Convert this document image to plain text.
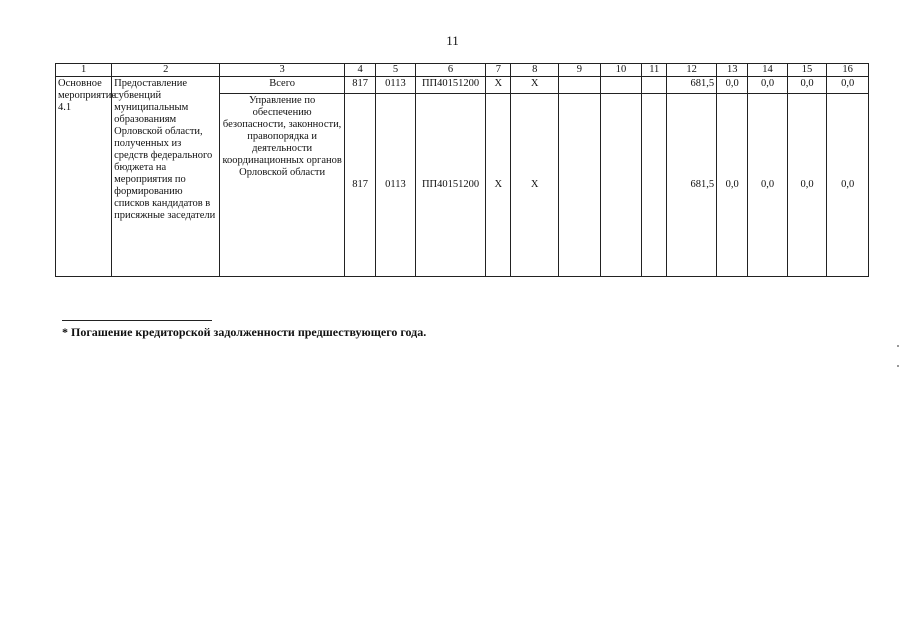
11
1	2	3	4	5	6	7	8	9	10	11	12	13	14	15	16
Основное мероприятие 4.1	Предоставление субвенций муниципальным образованиям Орловской области, полученных из средств федерального бюджета на мероприятия по формированию списков кандидатов в присяжные заседатели	Всего	817	0113	ПП40151200	Х	Х				681,5	0,0	0,0	0,0	0,0
		Управление по обеспечению безопасности, законности, правопорядка и деятельности координационных органов Орловской области	817	0113	ПП40151200	Х	Х				681,5	0,0	0,0	0,0	0,0
* Погашение кредиторской задолженности предшествующего года.
